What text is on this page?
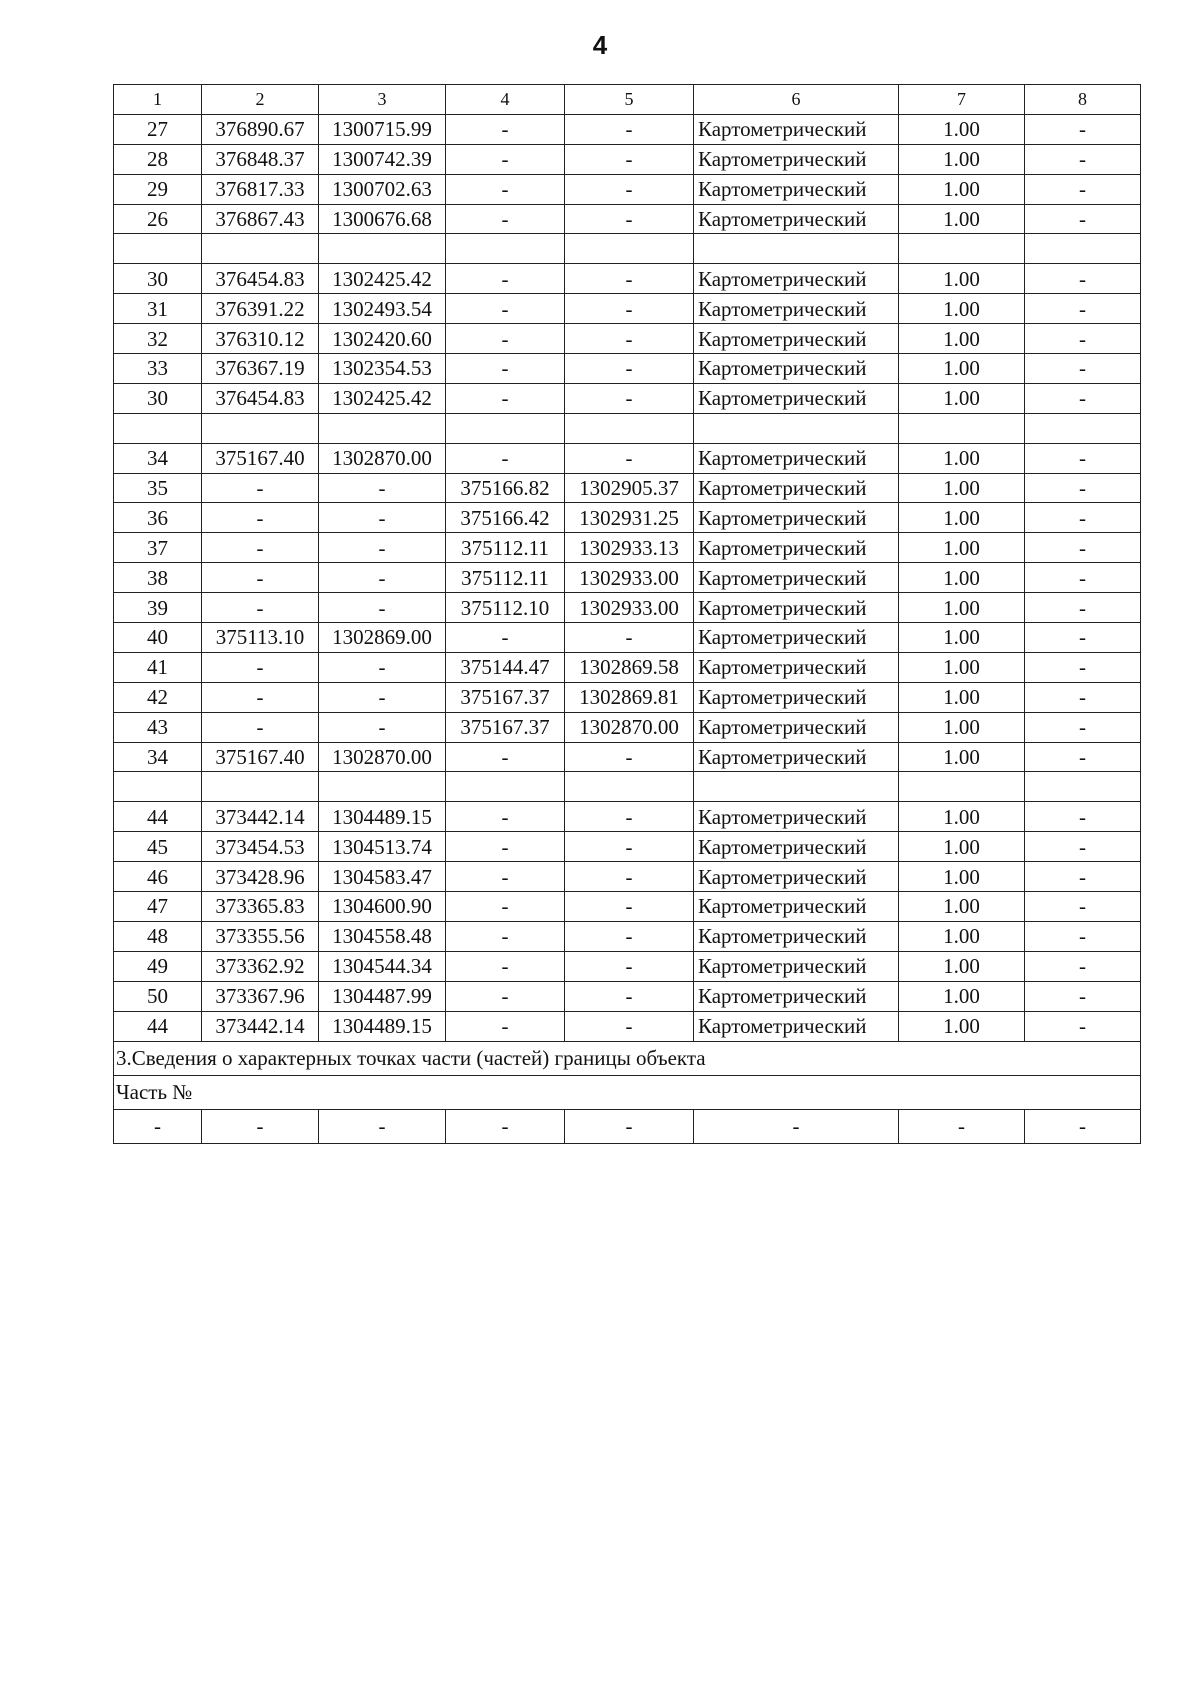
4
1	2	3	4	5	6	7	8
27	376890.67	1300715.99	-	-	Картометрический	1.00	-
28	376848.37	1300742.39	-	-	Картометрический	1.00	-
29	376817.33	1300702.63	-	-	Картометрический	1.00	-
26	376867.43	1300676.68	-	-	Картометрический	1.00	-

30	376454.83	1302425.42	-	-	Картометрический	1.00	-
31	376391.22	1302493.54	-	-	Картометрический	1.00	-
32	376310.12	1302420.60	-	-	Картометрический	1.00	-
33	376367.19	1302354.53	-	-	Картометрический	1.00	-
30	376454.83	1302425.42	-	-	Картометрический	1.00	-

34	375167.40	1302870.00	-	-	Картометрический	1.00	-
35	-	-	375166.82	1302905.37	Картометрический	1.00	-
36	-	-	375166.42	1302931.25	Картометрический	1.00	-
37	-	-	375112.11	1302933.13	Картометрический	1.00	-
38	-	-	375112.11	1302933.00	Картометрический	1.00	-
39	-	-	375112.10	1302933.00	Картометрический	1.00	-
40	375113.10	1302869.00	-	-	Картометрический	1.00	-
41	-	-	375144.47	1302869.58	Картометрический	1.00	-
42	-	-	375167.37	1302869.81	Картометрический	1.00	-
43	-	-	375167.37	1302870.00	Картометрический	1.00	-
34	375167.40	1302870.00	-	-	Картометрический	1.00	-

44	373442.14	1304489.15	-	-	Картометрический	1.00	-
45	373454.53	1304513.74	-	-	Картометрический	1.00	-
46	373428.96	1304583.47	-	-	Картометрический	1.00	-
47	373365.83	1304600.90	-	-	Картометрический	1.00	-
48	373355.56	1304558.48	-	-	Картометрический	1.00	-
49	373362.92	1304544.34	-	-	Картометрический	1.00	-
50	373367.96	1304487.99	-	-	Картометрический	1.00	-
44	373442.14	1304489.15	-	-	Картометрический	1.00	-
3.Сведения о характерных точках части (частей) границы объекта							
Часть №							
-	-	-	-	-	-	-	-
